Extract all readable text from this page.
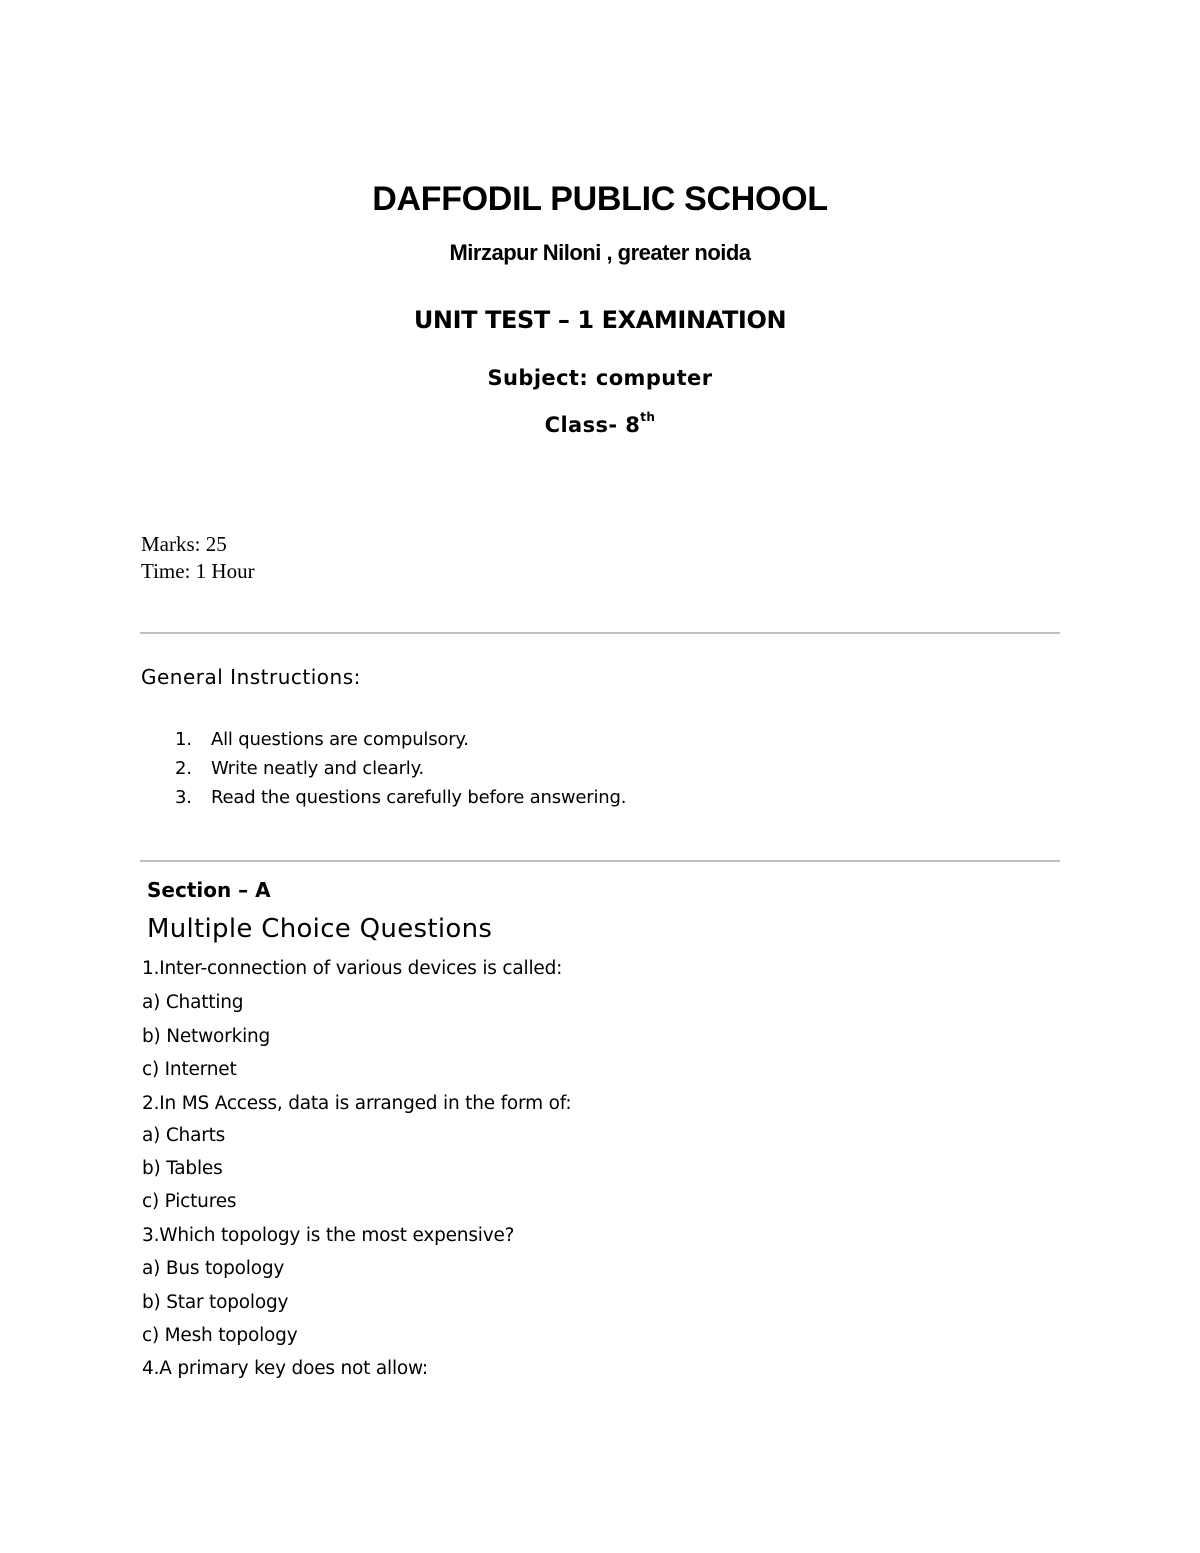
DAFFODIL PUBLIC SCHOOL
Mirzapur Niloni , greater noida
UNIT TEST – 1 EXAMINATION
Subject: computer
Class- 8th
Marks: 25
Time: 1 Hour
General Instructions:
1. All questions are compulsory.
2. Write neatly and clearly.
3. Read the questions carefully before answering.
Section – A
Multiple Choice Questions
1.Inter-connection of various devices is called:
a) Chatting
b) Networking
c) Internet
2.In MS Access, data is arranged in the form of:
a) Charts
b) Tables
c) Pictures
3.Which topology is the most expensive?
a) Bus topology
b) Star topology
c) Mesh topology
4.A primary key does not allow:
